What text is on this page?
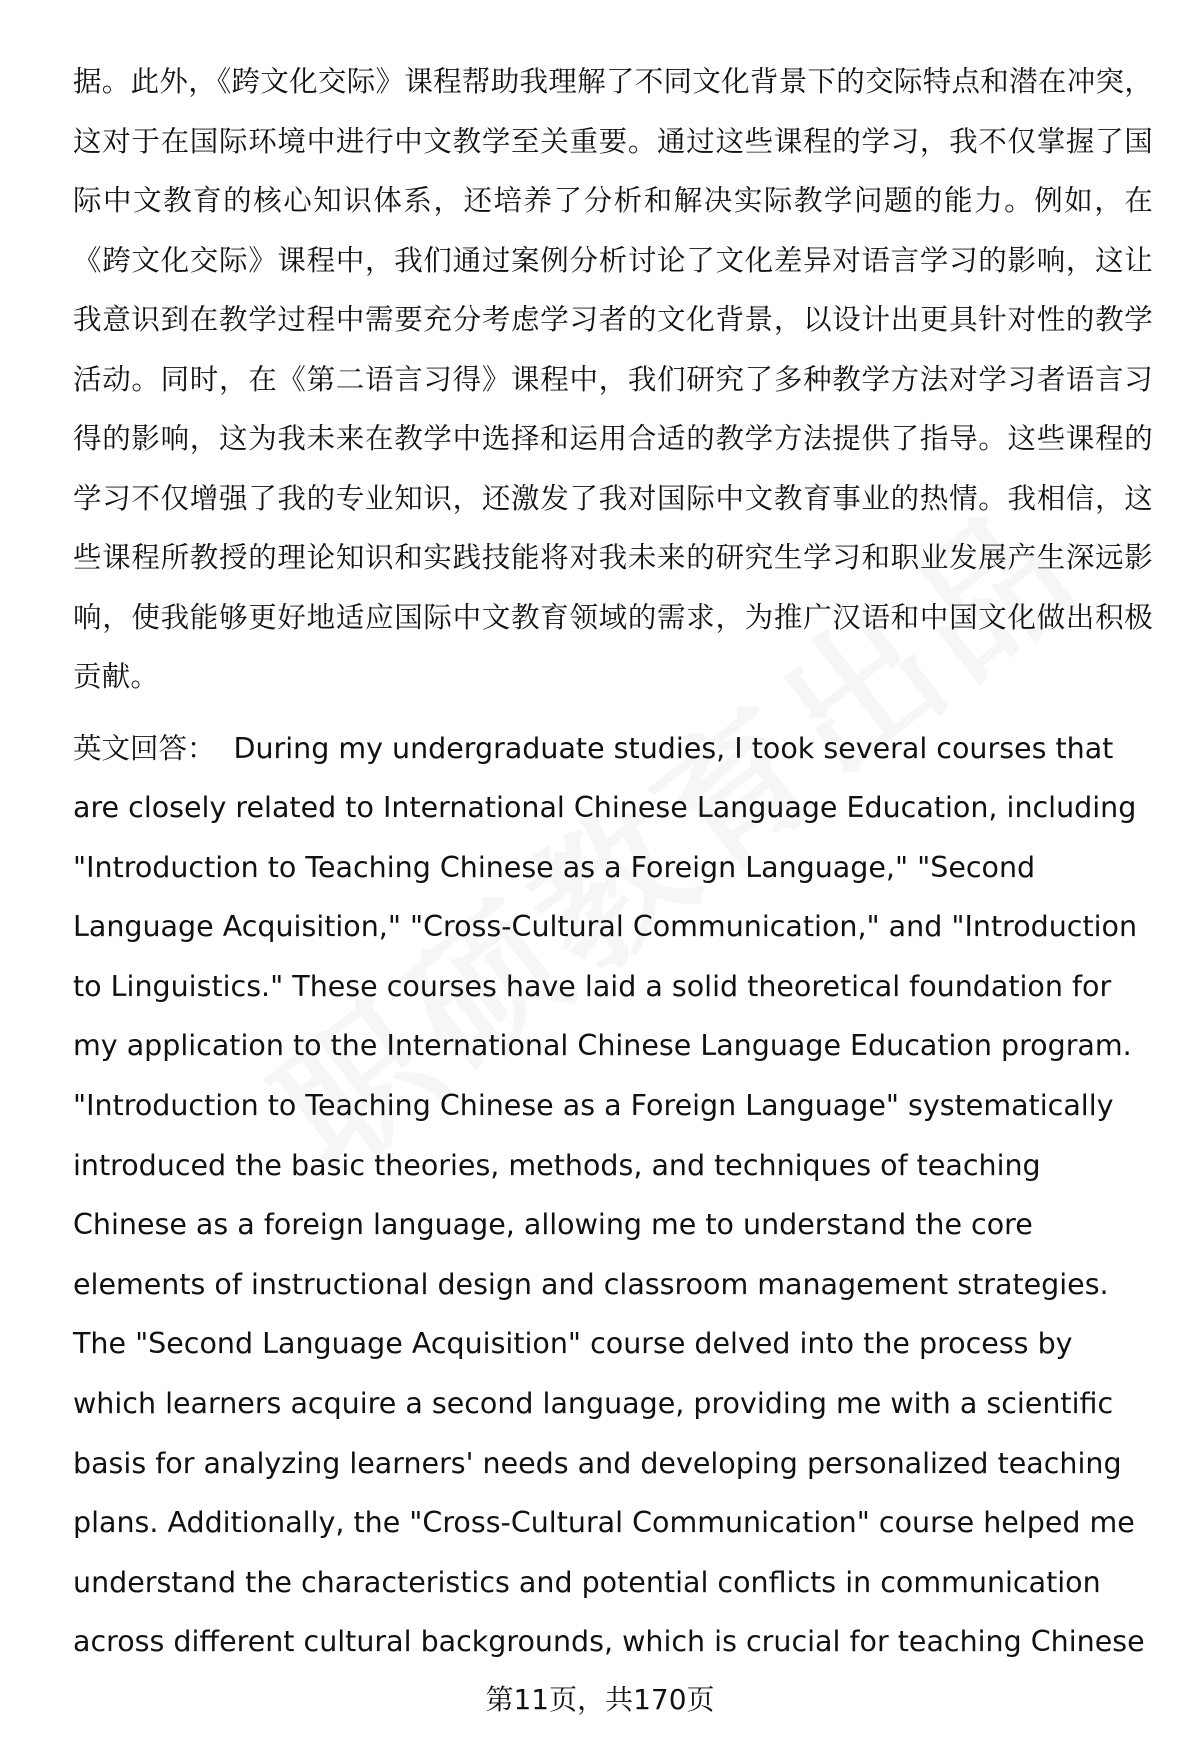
据。此外，《跨文化交际》课程帮助我理解了不同文化背景下的交际特点和潜在冲突，这对于在国际环境中进行中文教学至关重要。通过这些课程的学习，我不仅掌握了国际中文教育的核心知识体系，还培养了分析和解决实际教学问题的能力。例如，在《跨文化交际》课程中，我们通过案例分析讨论了文化差异对语言学习的影响，这让我意识到在教学过程中需要充分考虑学习者的文化背景，以设计出更具针对性的教学活动。同时，在《第二语言习得》课程中，我们研究了多种教学方法对学习者语言习得的影响，这为我未来在教学中选择和运用合适的教学方法提供了指导。这些课程的学习不仅增强了我的专业知识，还激发了我对国际中文教育事业的热情。我相信，这些课程所教授的理论知识和实践技能将对我未来的研究生学习和职业发展产生深远影响，使我能够更好地适应国际中文教育领域的需求，为推广汉语和中国文化做出积极贡献。

英文回答： During my undergraduate studies, I took several courses that are closely related to International Chinese Language Education, including "Introduction to Teaching Chinese as a Foreign Language," "Second Language Acquisition," "Cross-Cultural Communication," and "Introduction to Linguistics." These courses have laid a solid theoretical foundation for my application to the International Chinese Language Education program. "Introduction to Teaching Chinese as a Foreign Language" systematically introduced the basic theories, methods, and techniques of teaching Chinese as a foreign language, allowing me to understand the core elements of instructional design and classroom management strategies. The "Second Language Acquisition" course delved into the process by which learners acquire a second language, providing me with a scientific basis for analyzing learners' needs and developing personalized teaching plans. Additionally, the "Cross-Cultural Communication" course helped me understand the characteristics and potential conflicts in communication across different cultural backgrounds, which is crucial for teaching Chinese

第11页，共170页
